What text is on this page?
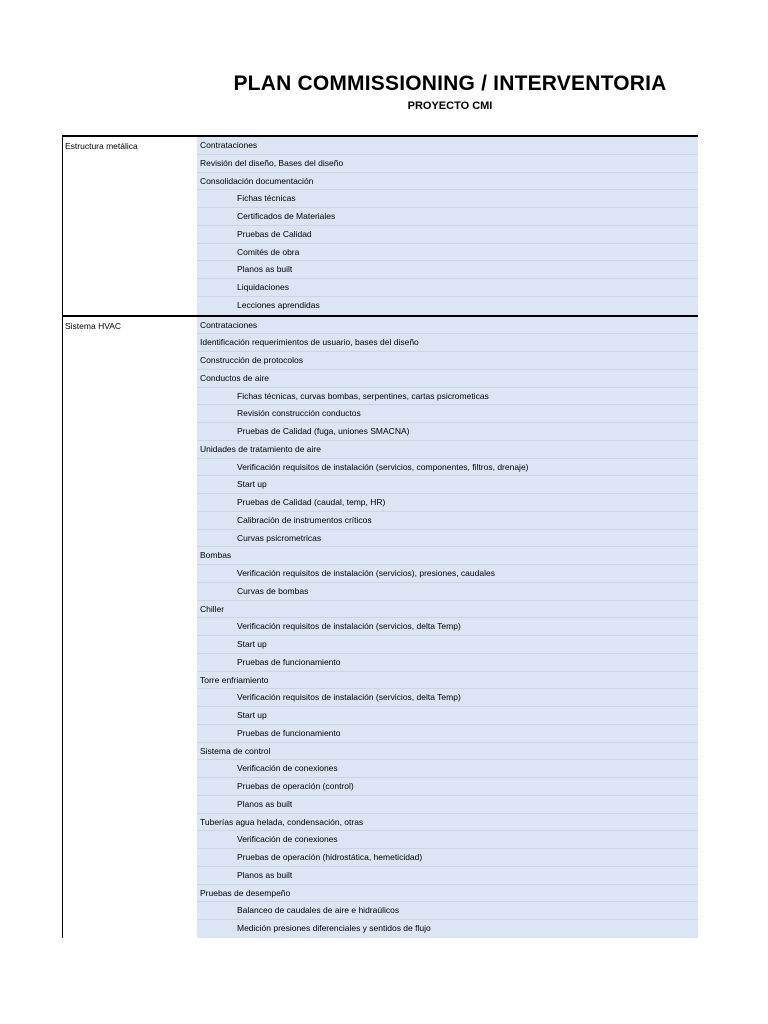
PLAN COMMISSIONING / INTERVENTORIA
PROYECTO CMI
Estructura metálica	Contrataciones
Revisión del diseño, Bases del diseño
Consolidación documentación
Fichas técnicas
Certificados de Materiales
Pruebas de Calidad
Comités de obra
Planos as built
Liquidaciones
Lecciones aprendidas
Sistema HVAC	Contrataciones
Identificación requerimientos de usuario, bases del diseño
Construcción de protocolos
Conductos de aire
Fichas técnicas, curvas bombas, serpentines, cartas psicrometicas
Revisión construcción conductos
Pruebas de Calidad (fuga, uniones SMACNA)
Unidades de tratamiento de aire
Verificación requisitos de instalación (servicios, componentes, filtros, drenaje)
Start up
Pruebas de Calidad (caudal, temp, HR)
Calibración de instrumentos críticos
Curvas psicrometricas
Bombas
Verificación requisitos de instalación (servicios), presiones, caudales
Curvas de bombas
Chiller
Verificación requisitos de instalación (servicios, delta Temp)
Start up
Pruebas de funcionamiento
Torre enfriamiento
Verificación requisitos de instalación (servicios, delta Temp)
Start up
Pruebas de funcionamiento
Sistema de control
Verificación de conexiones
Pruebas de operación (control)
Planos as built
Tuberías agua helada, condensación, otras
Verificación de conexiones
Pruebas de operación (hidrostática, hemeticidad)
Planos as built
Pruebas de desempeño
Balanceo de caudales de aire e hidraúlicos
Medición presiones diferenciales y sentidos de flujo
